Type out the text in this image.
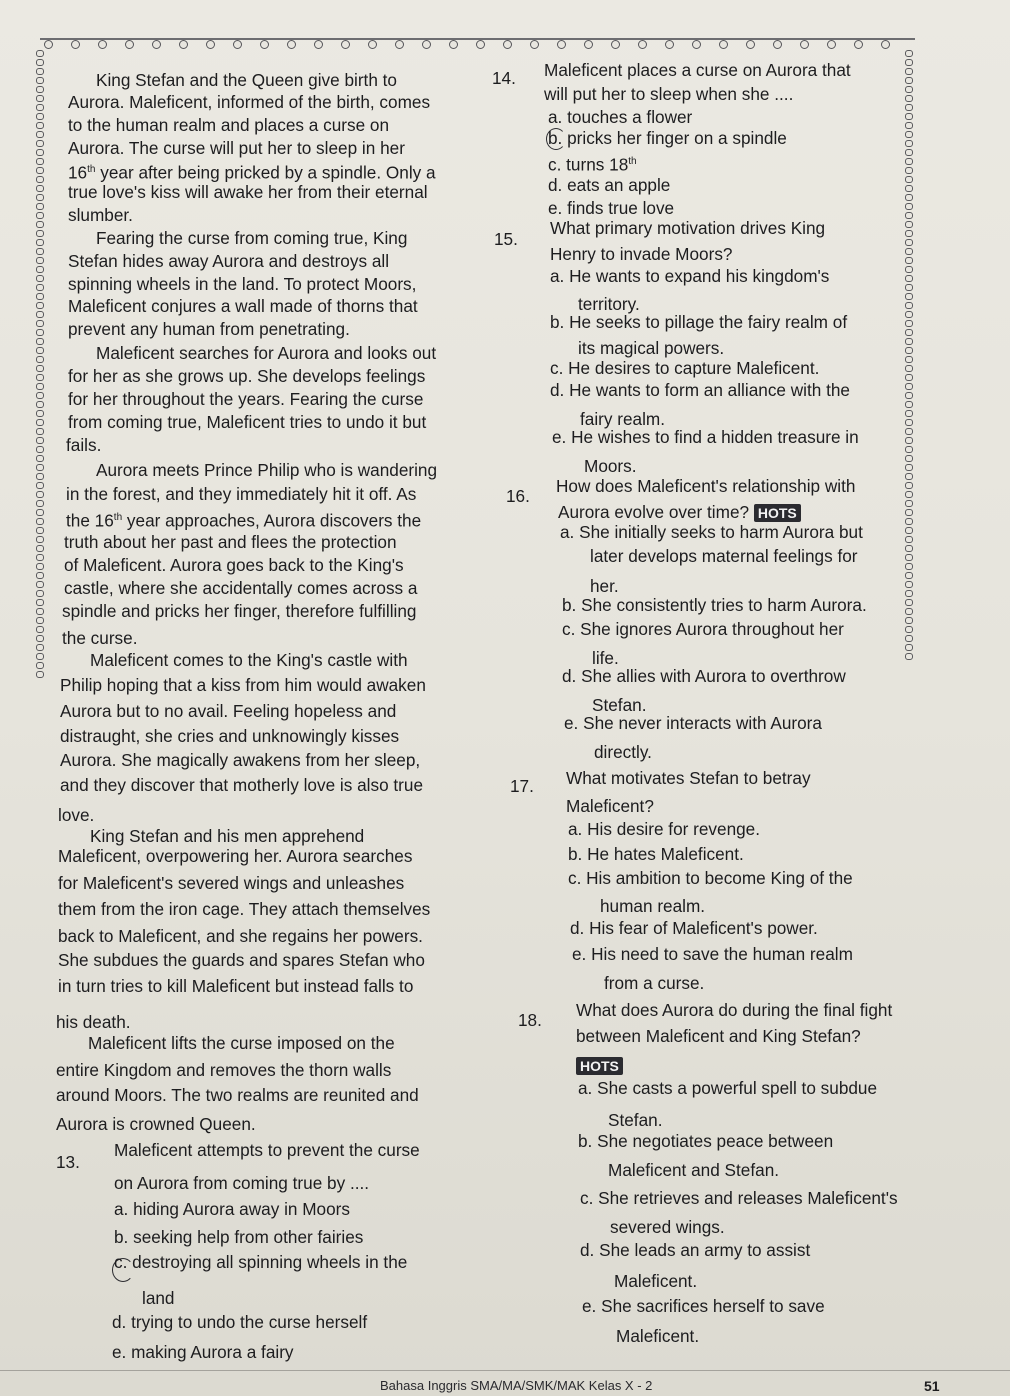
King Stefan and the Queen give birth to
Aurora. Maleficent, informed of the birth, comes
to the human realm and places a curse on
Aurora. The curse will put her to sleep in her
16th year after being pricked by a spindle. Only a
true love's kiss will awake her from their eternal
slumber.
Fearing the curse from coming true, King
Stefan hides away Aurora and destroys all
spinning wheels in the land. To protect Moors,
Maleficent conjures a wall made of thorns that
prevent any human from penetrating.
Maleficent searches for Aurora and looks out
for her as she grows up. She develops feelings
for her throughout the years. Fearing the curse
from coming true, Maleficent tries to undo it but
fails.
Aurora meets Prince Philip who is wandering
in the forest, and they immediately hit it off. As
the 16th year approaches, Aurora discovers the
truth about her past and flees the protection
of Maleficent. Aurora goes back to the King's
castle, where she accidentally comes across a
spindle and pricks her finger, therefore fulfilling
the curse.
Maleficent comes to the King's castle with
Philip hoping that a kiss from him would awaken
Aurora but to no avail. Feeling hopeless and
distraught, she cries and unknowingly kisses
Aurora. She magically awakens from her sleep,
and they discover that motherly love is also true
love.
King Stefan and his men apprehend
Maleficent, overpowering her. Aurora searches
for Maleficent's severed wings and unleashes
them from the iron cage. They attach themselves
back to Maleficent, and she regains her powers.
She subdues the guards and spares Stefan who
in turn tries to kill Maleficent but instead falls to
his death.
Maleficent lifts the curse imposed on the
entire Kingdom and removes the thorn walls
around Moors. The two realms are reunited and
Aurora is crowned Queen.
13.
Maleficent attempts to prevent the curse
on Aurora from coming true by ....
a. hiding Aurora away in Moors
b. seeking help from other fairies
c. destroying all spinning wheels in the
land
d. trying to undo the curse herself
e. making Aurora a fairy
14. Maleficent places a curse on Aurora that
will put her to sleep when she ....
a. touches a flower
b. pricks her finger on a spindle
c. turns 18th
d. eats an apple
e. finds true love
15.
What primary motivation drives King
Henry to invade Moors?
a. He wants to expand his kingdom's
territory.
b. He seeks to pillage the fairy realm of
its magical powers.
c. He desires to capture Maleficent.
d. He wants to form an alliance with the
fairy realm.
e. He wishes to find a hidden treasure in
Moors.
16. How does Maleficent's relationship with
Aurora evolve over time? HOTS
a. She initially seeks to harm Aurora but
later develops maternal feelings for
her.
b. She consistently tries to harm Aurora.
c. She ignores Aurora throughout her
life.
d. She allies with Aurora to overthrow
Stefan.
e. She never interacts with Aurora
directly.
17. What motivates Stefan to betray
Maleficent?
a. His desire for revenge.
b. He hates Maleficent.
c. His ambition to become King of the
human realm.
d. His fear of Maleficent's power.
e. His need to save the human realm
from a curse.
18. What does Aurora do during the final fight
between Maleficent and King Stefan?
HOTS
a. She casts a powerful spell to subdue
Stefan.
b. She negotiates peace between
Maleficent and Stefan.
c. She retrieves and releases Maleficent's
severed wings.
d. She leads an army to assist
Maleficent.
e. She sacrifices herself to save
Maleficent.
Bahasa Inggris SMA/MA/SMK/MAK Kelas X - 2	51
